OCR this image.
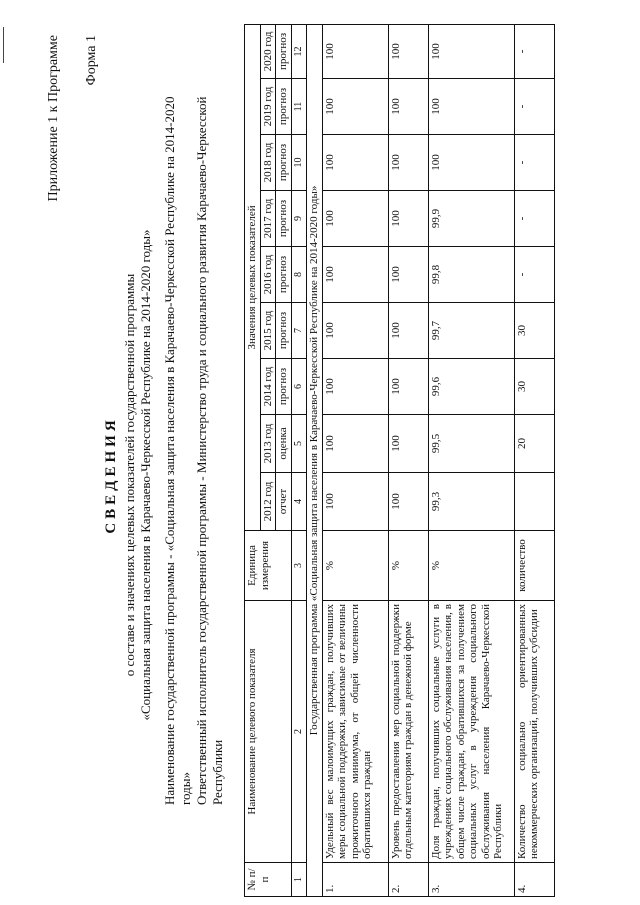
Приложение 1 к Программе Форма 1
СВЕДЕНИЯ о составе и значениях целевых показателей государственной программы «Социальная защита населения в Карачаево-Черкесской Республике на 2014-2020 годы» Наименование государственной программы - «Социальная защита населения в Карачаево-Черкесской Республике на 2014-2020 годы» Ответственный исполнитель государственной программы - Министерство труда и социального развития Карачаево-Черкесской Республики
№ п/п	Наименование целевого показателя	Единица измерения	Значения целевых показателей								
			2012 год	2013 год	2014 год	2015 год	2016 год	2017 год	2018 год	2019 год	2020 год
			отчет	оценка	прогноз	прогноз	прогноз	прогноз	прогноз	прогноз	прогноз
1	2	3	4	5	6	7	8	9	10	11	12
Государственная программа «Социальная защита населения в Карачаево-Черкесской Республике на 2014-2020 годы»											
1.	Удельный вес малоимущих граждан, получивших меры социальной поддержки, зависимые от величины прожиточного минимума, от общей численности обратившихся граждан	%	100	100	100	100	100	100	100	100	100
2.	Уровень предоставления мер социальной поддержки отдельным категориям граждан в денежной форме	%	100	100	100	100	100	100	100	100	100
3.	Доля граждан, получивших социальные услуги в учреждениях социального обслуживания населения, в общем числе граждан, обратившихся за получением социальных услуг в учреждения социального обслуживания населения Карачаево-Черкесской Республики	%	99,3	99,5	99,6	99,7	99,8	99,9	100	100	100
4.	Количество социально ориентированных некоммерческих организаций, получивших субсидии	количество		20	30	30	-	-	-	-	-
